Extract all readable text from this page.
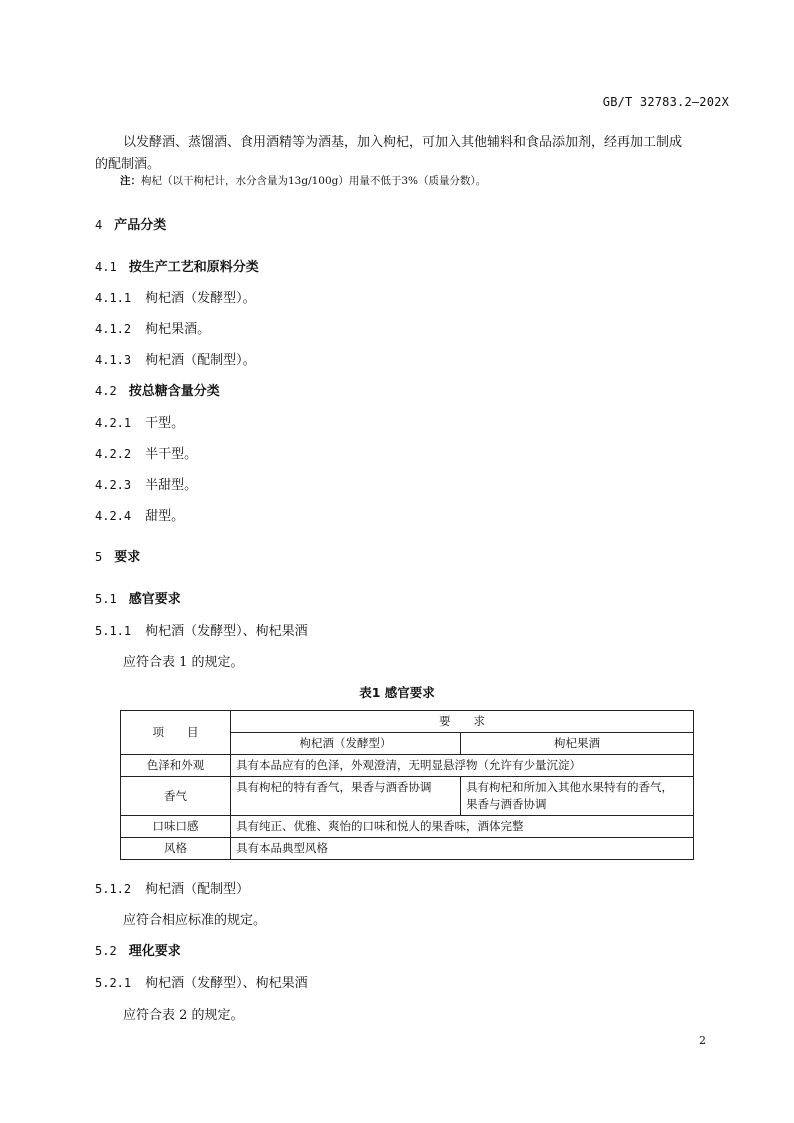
GB/T 32783.2—202X
以发酵酒、蒸馏酒、食用酒精等为酒基，加入枸杞，可加入其他辅料和食品添加剂，经再加工制成
的配制酒。
注：枸杞（以干枸杞计，水分含量为13g/100g）用量不低于3%（质量分数）。
4 产品分类
4.1 按生产工艺和原料分类
4.1.1 枸杞酒（发酵型）。
4.1.2 枸杞果酒。
4.1.3 枸杞酒（配制型）。
4.2 按总糖含量分类
4.2.1 干型。
4.2.2 半干型。
4.2.3 半甜型。
4.2.4 甜型。
5 要求
5.1 感官要求
5.1.1 枸杞酒（发酵型）、枸杞果酒
应符合表 1 的规定。
表1 感官要求
项　　目	要　　求	
	枸杞酒（发酵型）	枸杞果酒
色泽和外观	具有本品应有的色泽，外观澄清，无明显悬浮物（允许有少量沉淀）	
香气	具有枸杞的特有香气，果香与酒香协调	具有枸杞和所加入其他水果特有的香气，
果香与酒香协调
口味口感	具有纯正、优雅、爽怡的口味和悦人的果香味，酒体完整	
风格	具有本品典型风格	
5.1.2 枸杞酒（配制型）
应符合相应标准的规定。
5.2 理化要求
5.2.1 枸杞酒（发酵型）、枸杞果酒
应符合表 2 的规定。
2
